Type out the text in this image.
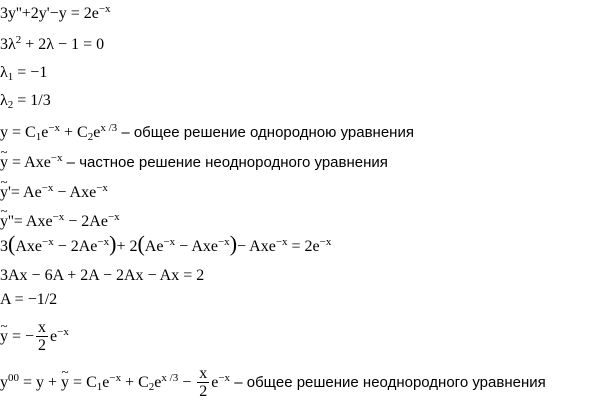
$3y''+2y'-y = 2e^{-x}$
$3\lambda^2 + 2\lambda - 1 = 0$
$\lambda_1 = -1$
$\lambda_2 = 1/3$
$y = C_1e^{-x} + C_2e^{x /3}$ – общее решение однородною уравнения
~ y = Axe$^{-x}$ – частное решение неоднородного уравнения
~ $y'= Ae^{-x} - Axe^{-x}$
~ $y''= Axe^{-x} - 2Ae^{-x}$
$3(Axe^{-x} - 2Ae^{-x})+ 2(Ae^{-x} - Axe^{-x})- Axe^{-x} = 2e^{-x}$
3Ax − 6A + 2A − 2Ax − Ax = 2
A = −1/2
~ y = − $\frac{x}{2} e^{-x}$
$y^{00} = y$ + ~ $y = C_1e^{-x} + C_2e^{x /3} - \frac{x}{2} e^{-x}$ – общее решение неоднородного уравнения
